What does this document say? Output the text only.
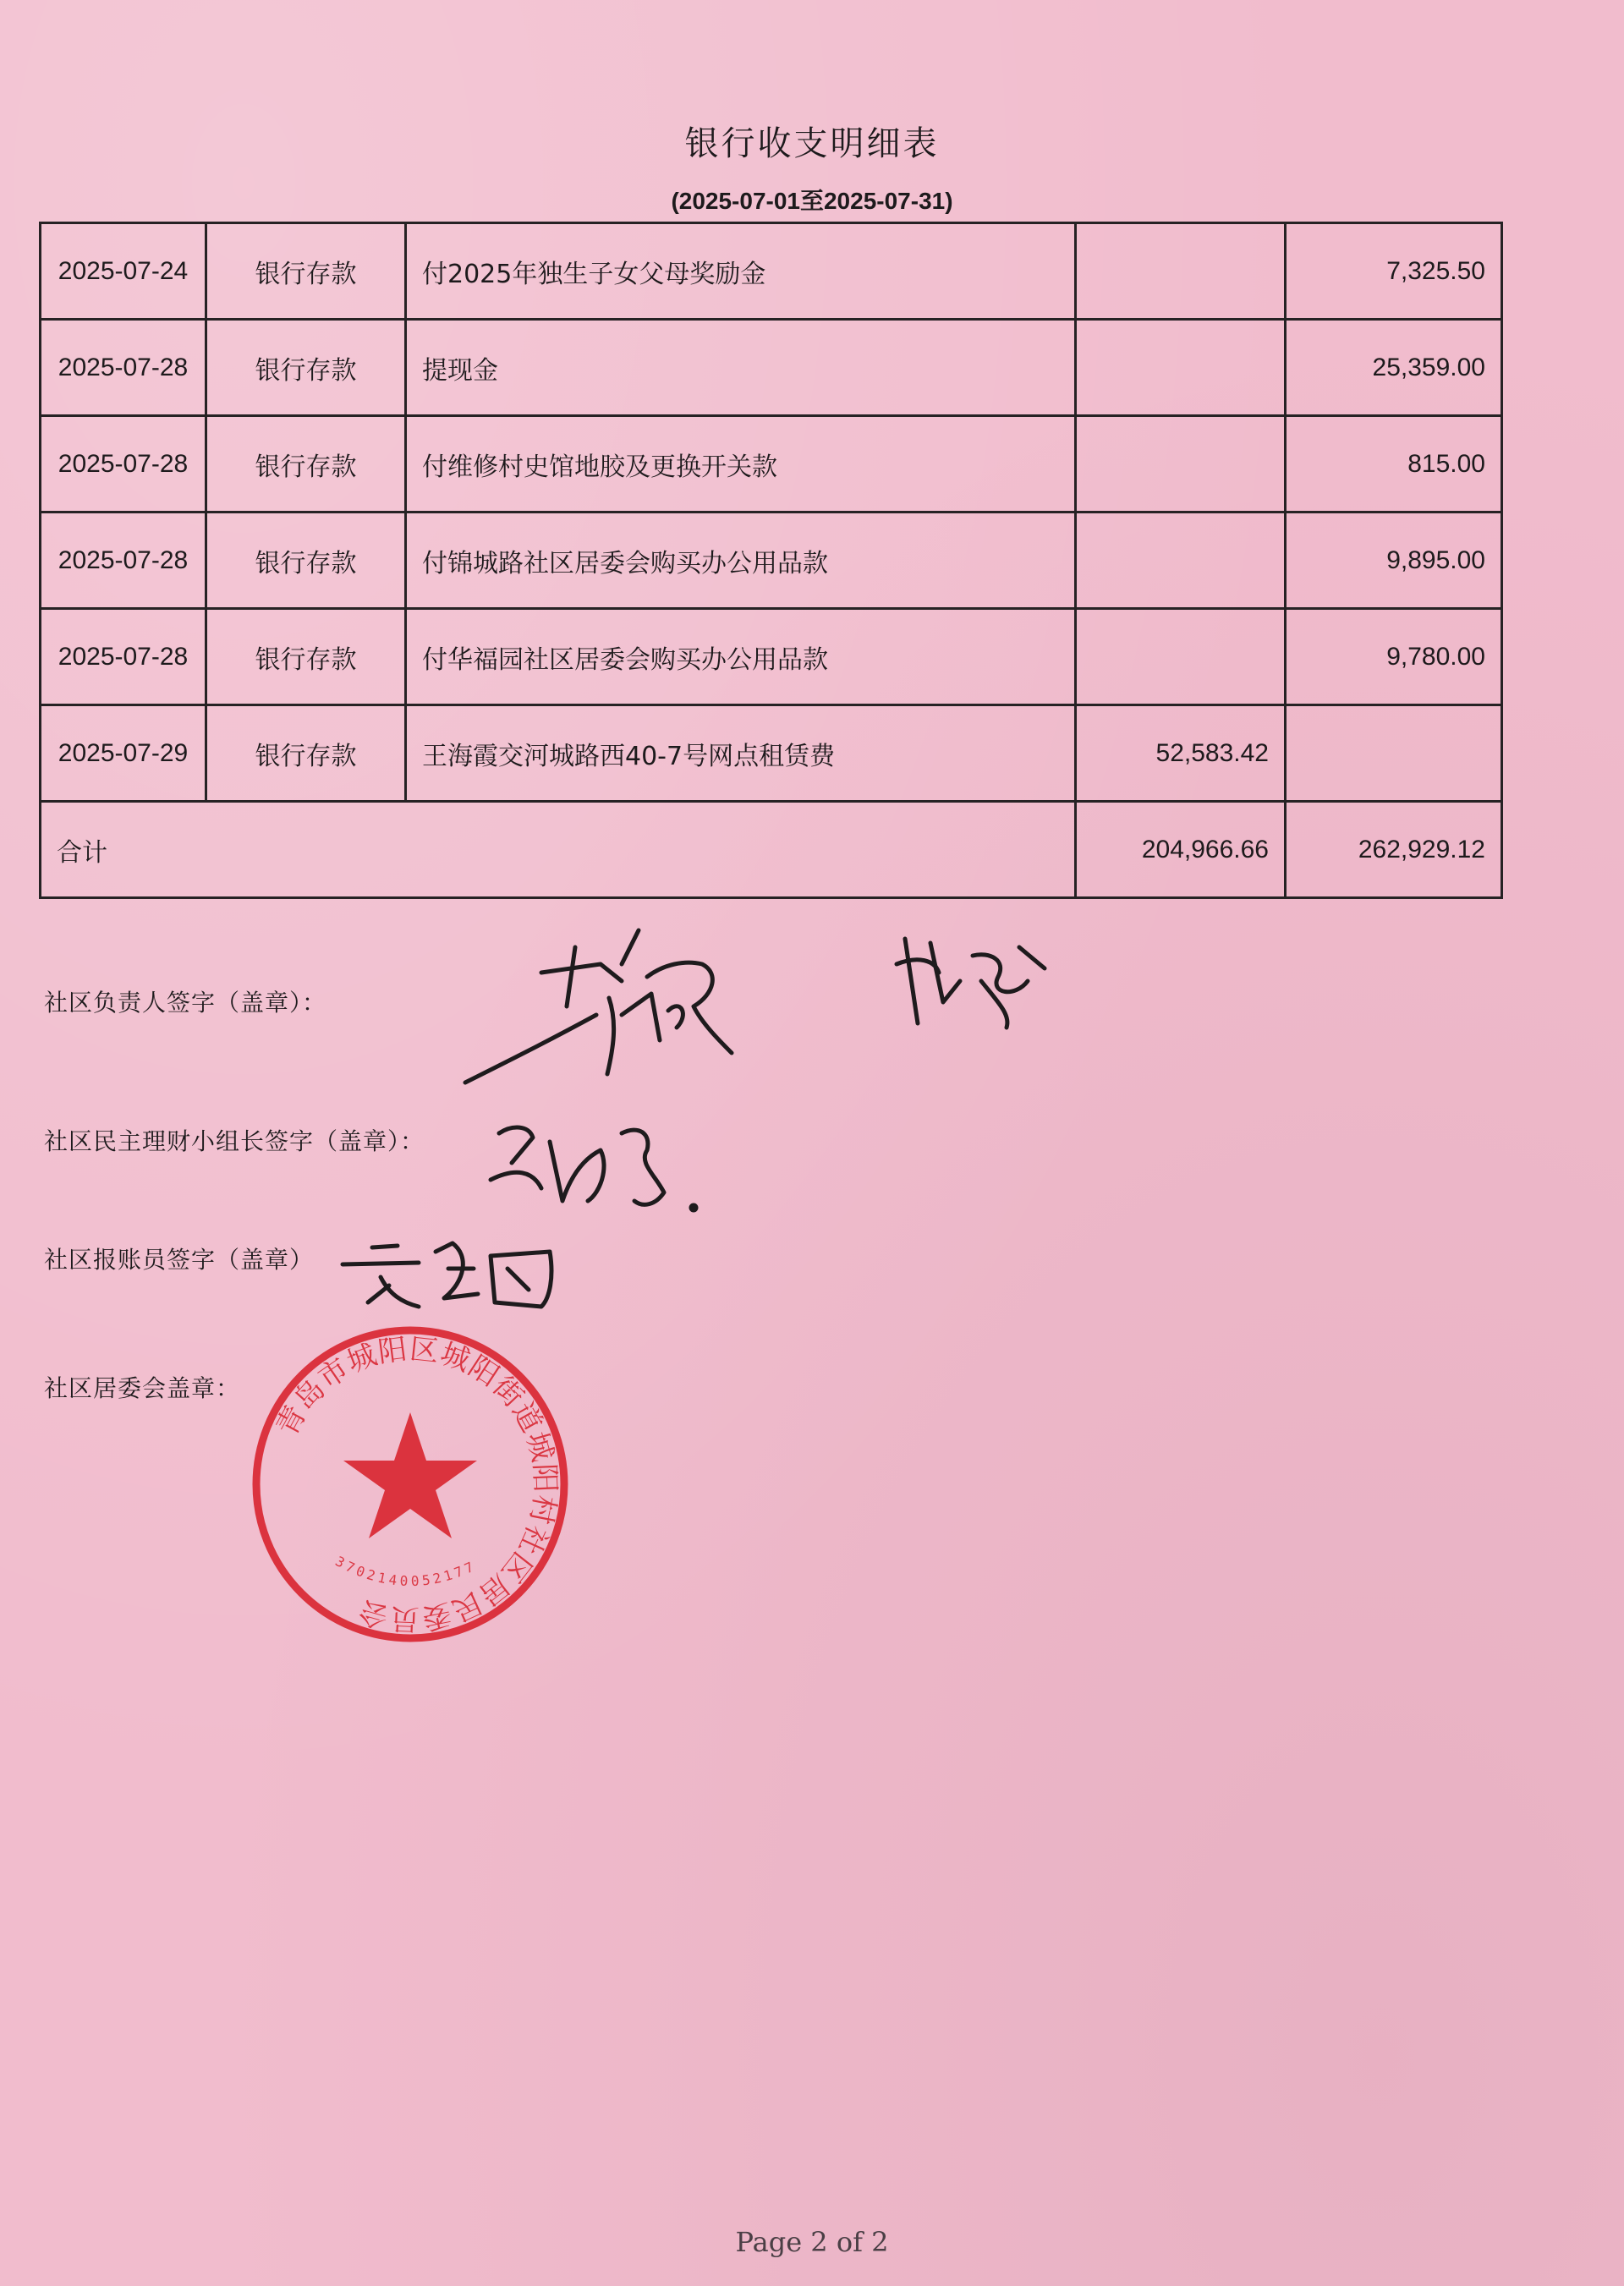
银行收支明细表
(2025-07-01至2025-07-31)
2025-07-24	银行存款	付2025年独生子女父母奖励金		7,325.50
2025-07-28	银行存款	提现金		25,359.00
2025-07-28	银行存款	付维修村史馆地胶及更换开关款		815.00
2025-07-28	银行存款	付锦城路社区居委会购买办公用品款		9,895.00
2025-07-28	银行存款	付华福园社区居委会购买办公用品款		9,780.00
2025-07-29	银行存款	王海霞交河城路西40-7号网点租赁费	52,583.42	
合计			204,966.66	262,929.12
社区负责人签字（盖章）：
社区民主理财小组长签字（盖章）：
社区报账员签字（盖章）
社区居委会盖章：
青岛市城阳区城阳街道城阳村社区居民委员会
3702140052177
Page 2 of 2
